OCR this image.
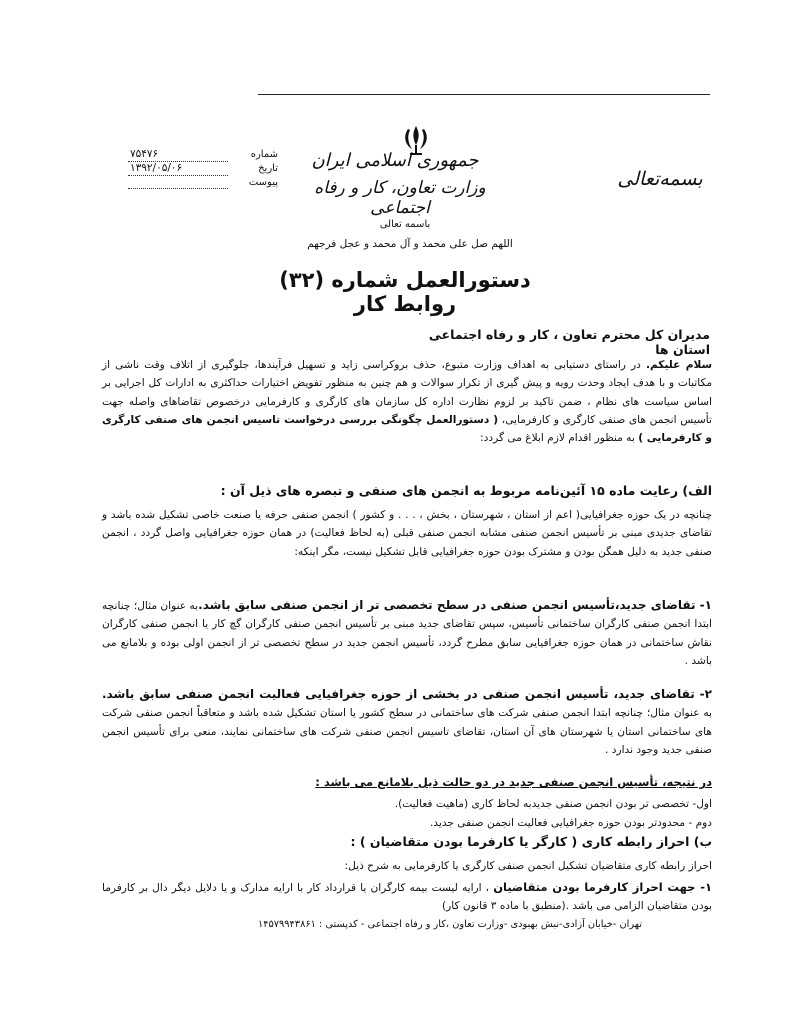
شماره
۷۵۴۷۶
تاریخ
۱۳۹۲/۰۵/۰۶
پیوست
جمهوری اسلامی ایران
وزارت تعاون، کار و رفاه اجتماعی
بسمه‌تعالی
باسمه تعالی
اللهم صل علی محمد و آل محمد و عجل فرجهم
دستورالعمل شماره (۳۲) روابط کار
مدیران کل محترم تعاون ، کار و رفاه اجتماعی استان ها
سلام علیکم. در راستای دستیابی به اهداف وزارت متبوع، حذف بروکراسی زاید و تسهیل فرآیندها، جلوگیری از اتلاف وقت ناشی از مکاتبات و با هدف ایجاد وحدت رویه و پیش گیری از تکرار سوالات و هم چنین به منظور تفویض اختیارات حداکثری به ادارات کل اجرایی بر اساس سیاست های نظام ، ضمن تاکید بر لزوم نظارت اداره کل سازمان های کارگری و کارفرمایی درخصوص تقاضاهای واصله جهت تأسیس انجمن های صنفی کارگری و کارفرمایی، ( دستورالعمل چگونگی بررسی درخواست تاسیس انجمن های صنفی کارگری و کارفرمایی ) به منظور اقدام لازم ابلاغ می گردد:
الف) رعایت ماده ۱۵ آئین‌نامه مربوط به انجمن های صنفی و تبصره های ذیل آن :
چنانچه در یک حوزه جغرافیایی( اعم از استان ، شهرستان ، بخش ، . . . و کشور ) انجمن صنفی حرفه یا صنعت خاصی تشکیل شده باشد و تقاضای جدیدی مبنی بر تأسیس انجمن صنفی مشابه انجمن صنفی قبلی (به لحاظ فعالیت) در همان حوزه جغرافیایی واصل گردد ، انجمن صنفی جدید به دلیل همگن بودن و مشترک بودن حوزه جغرافیایی قابل تشکیل نیست، مگر اینکه:
۱- تقاضای جدید،تأسیس انجمن صنفی در سطح تخصصی تر از انجمن صنفی سابق باشد.به عنوان مثال؛ چنانچه ابتدا انجمن صنفی کارگران ساختمانی تأسیس، سپس تقاضای جدید مبنی بر تأسیس انجمن صنفی کارگران گچ کار یا انجمن صنفی کارگران نقاش ساختمانی در همان حوزه جغرافیایی سابق مطرح گردد، تأسیس انجمن جدید در سطح تخصصی تر از انجمن اولی بوده و بلامانع می باشد .
۲- تقاضای جدید، تأسیس انجمن صنفی در بخشی از حوزه جغرافیایی فعالیت انجمن صنفی سابق باشد. به عنوان مثال؛ چنانچه ابتدا انجمن صنفی شرکت های ساختمانی در سطح کشور یا استان تشکیل شده باشد و متعاقباً انجمن صنفی شرکت های ساختمانی استان یا شهرستان های آن استان، تقاضای تاسیس انجمن صنفی شرکت های ساختمانی نمایند، منعی برای تأسیس انجمن صنفی جدید وجود ندارد .
در نتیجه، تأسیس انجمن صنفی جدید در دو حالت ذیل بلامانع می باشد :
اول- تخصصی تر بودن انجمن صنفی جدیدبه لحاظ کاری (ماهیت فعالیت).
دوم - محدودتر بودن حوزه جغرافیایی فعالیت انجمن صنفی جدید.
ب) احراز رابطه کاری ( کارگر یا کارفرما بودن متقاضیان ) :
احراز رابطه کاری متقاضیان تشکیل انجمن صنفی کارگری یا کارفرمایی به شرح ذیل:
۱- جهت احراز کارفرما بودن متقاضیان ، ارایه لیست بیمه کارگران یا قرارداد کار با ارایه مدارک و یا دلایل دیگر دال بر کارفرما بودن متقاضیان الزامی می باشد .(منطبق با ماده ۳ قانون کار)
تهران -خیابان آزادی-نبش بهبودی -وزارت تعاون ،کار و رفاه اجتماعی - کدپستی : ۱۴۵۷۹۹۴۳۸۶۱
